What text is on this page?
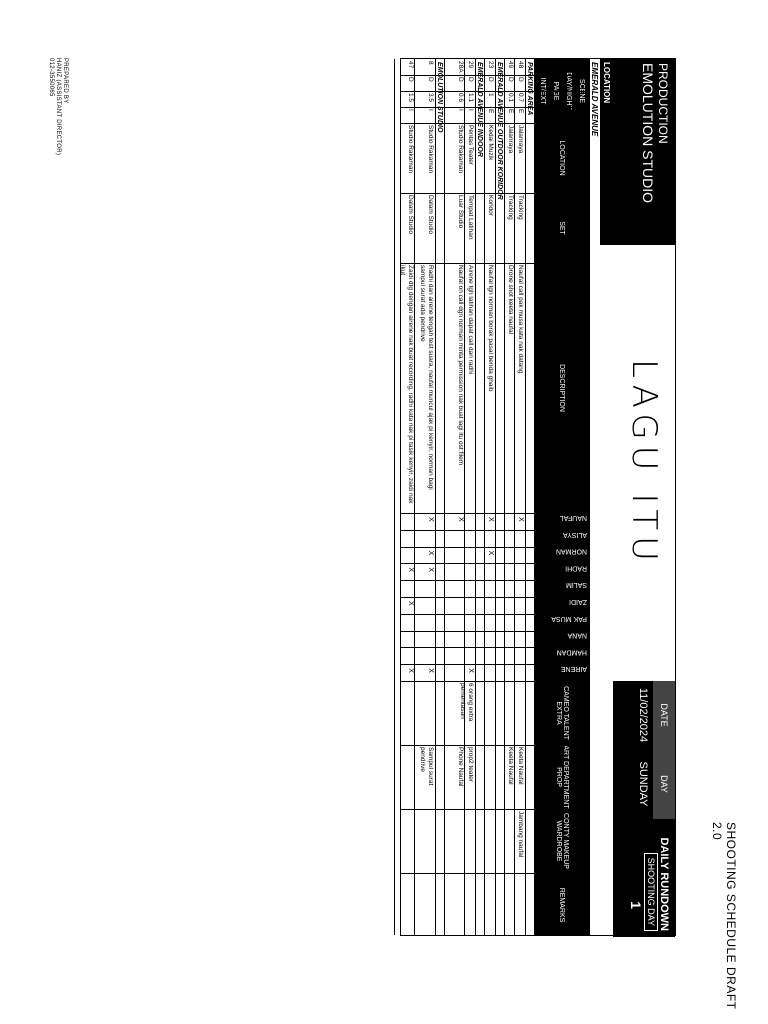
SHOOTING SCHEDULE DRAFT 2.0
PRODUCTION
EMOLUTION STUDIO
LAGU ITU
DATE
DAY
11/02/2024
SUNDAY
DAILY RUNDOWN
SHOOTING DAY
1
LOCATION
EMERALD AVENUE
SCENE
DAY/NIGHT
PAGE
INT/EXT
LOCATION
SET
DESCRIPTION
NAUFAL
ALISYA
NORMAN
RADHI
SALIM
ZAIDI
PAK MUSA
NANA
HAMDAN
AIRENE
CAMEO TALENT EXTRA
ART DEPARTMENT PROP
CONTY MAKEUP WARDROBE
REMARKS
PARKING AREA
48
D
0.7
E
Jalanraya
Tracking
Naufal call pak musa kata nak datang
Keeta Naufal
Jambang naufal
X
49
D
0.1
E
Jalanraya
Tracking
Drone shot keeta naufal
Keeta Naufal
EMERALD AVENUE OUTDOOR KORIDOR
23
D
1
E
Kedai Muzik
Koridor
Naufal tgn norman borak pasal benda ghaib
X
X
EMERALD AVENUE INDOOR
29
D
1.1
I
Pentas Teater
Tempat Latihan
Airene tgh latihan dapat call dari radhi
6 orang extra pementasan
prop2 teater
X
28A
D
0.6
I
Studio Rakaman
Luar Studio
Naufal on call dgn norman minta permission nak buat lagi itu ost filem
Phone Naufal
X
EMOLUTION STUDIO
8
D
3.5
I
Studio Rakaman
Dalam Studio
Radhi dan airene tengah test suara, naufal muncul ajak pi kenyir, norman bagi sampul surat ada pendrive
Sampul surat pendrive
X
X
X
X
47
D
1.5
I
Studio Rakaman
Dalam Studio
Zaidi dtg dengan airene nak buat recording, radhi kata nak pi tasik kenyir, zaidi nak ikut
X
X
X
PREPARED BY
HANIZ (ASSISTANT DIRECTOR)
012-3550065
